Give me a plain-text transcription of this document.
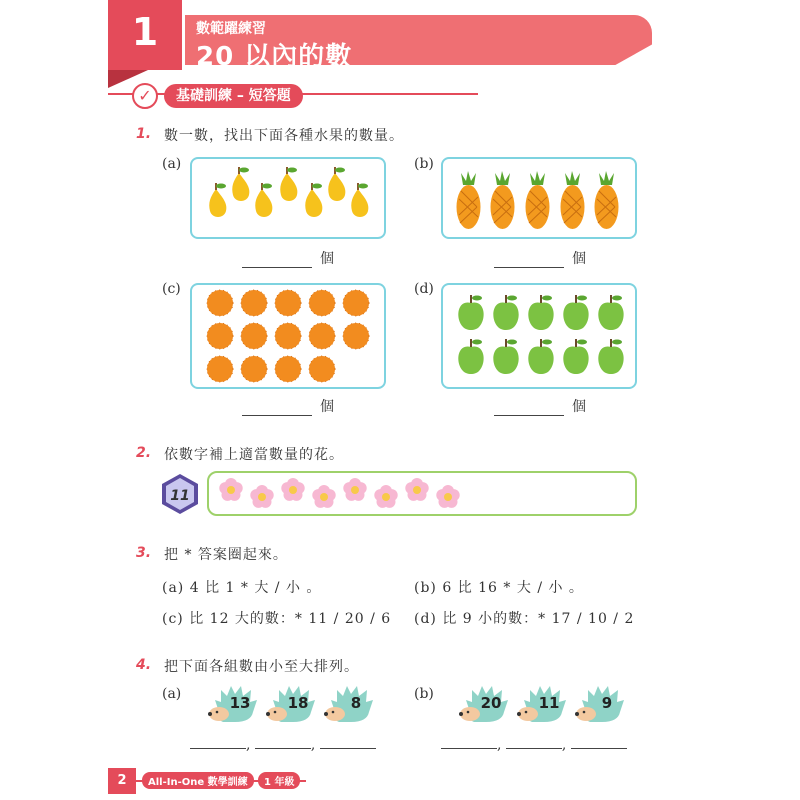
1	數範躍練習
20 以內的數
✓	基礎訓練 – 短答題
1. 數一數，找出下面各種水果的數量。
(a)
個
(b)
個
(c)
個
(d)
個
2. 依數字補上適當數量的花。
11
3. 把 * 答案圈起來。
(a) 4 比 1 * 大 / 小 。	(b) 6 比 16 * 大 / 小 。
(c) 比 12 大的數：* 11 / 20 / 6 (d) 比 9 小的數：* 17 / 10 / 2
4. 把下面各組數由小至大排列。
(a)	13	18	8
,	,
(b)	20	11	9
,	,
2	All-In-One 數學訓練	1 年級
